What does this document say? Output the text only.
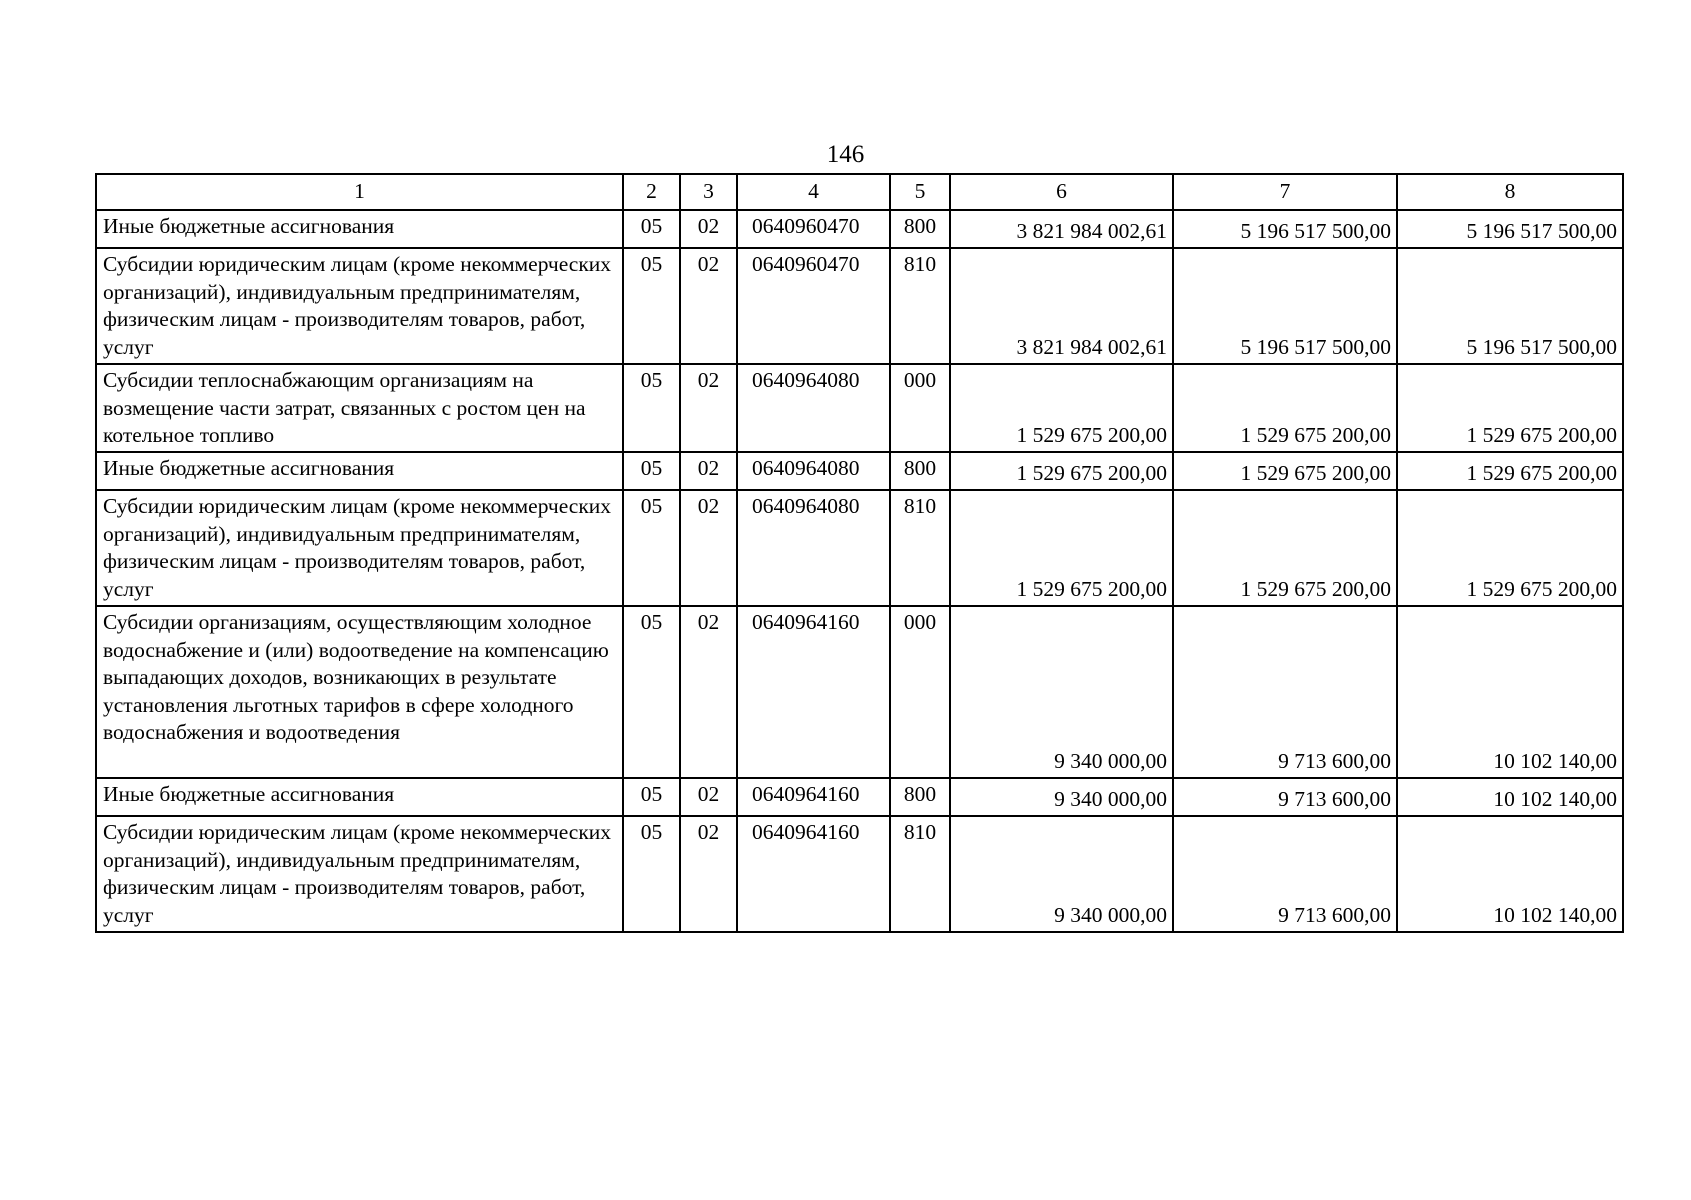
146
1	2	3	4	5	6	7	8
Иные бюджетные ассигнования	05	02	0640960470	800	3 821 984 002,61	5 196 517 500,00	5 196 517 500,00
Субсидии юридическим лицам (кроме некоммерческих организаций), индивидуальным предпринимателям, физическим лицам - производителям товаров, работ, услуг	05	02	0640960470	810	3 821 984 002,61	5 196 517 500,00	5 196 517 500,00
Субсидии теплоснабжающим организациям на возмещение части затрат, связанных с ростом цен на котельное топливо	05	02	0640964080	000	1 529 675 200,00	1 529 675 200,00	1 529 675 200,00
Иные бюджетные ассигнования	05	02	0640964080	800	1 529 675 200,00	1 529 675 200,00	1 529 675 200,00
Субсидии юридическим лицам (кроме некоммерческих организаций), индивидуальным предпринимателям, физическим лицам - производителям товаров, работ, услуг	05	02	0640964080	810	1 529 675 200,00	1 529 675 200,00	1 529 675 200,00
Субсидии организациям, осуществляющим холодное водоснабжение и (или) водоотведение на компенсацию выпадающих доходов, возникающих в результате установления льготных тарифов в сфере холодного водоснабжения и водоотведения	05	02	0640964160	000	9 340 000,00	9 713 600,00	10 102 140,00
Иные бюджетные ассигнования	05	02	0640964160	800	9 340 000,00	9 713 600,00	10 102 140,00
Субсидии юридическим лицам (кроме некоммерческих организаций), индивидуальным предпринимателям, физическим лицам - производителям товаров, работ, услуг	05	02	0640964160	810	9 340 000,00	9 713 600,00	10 102 140,00
